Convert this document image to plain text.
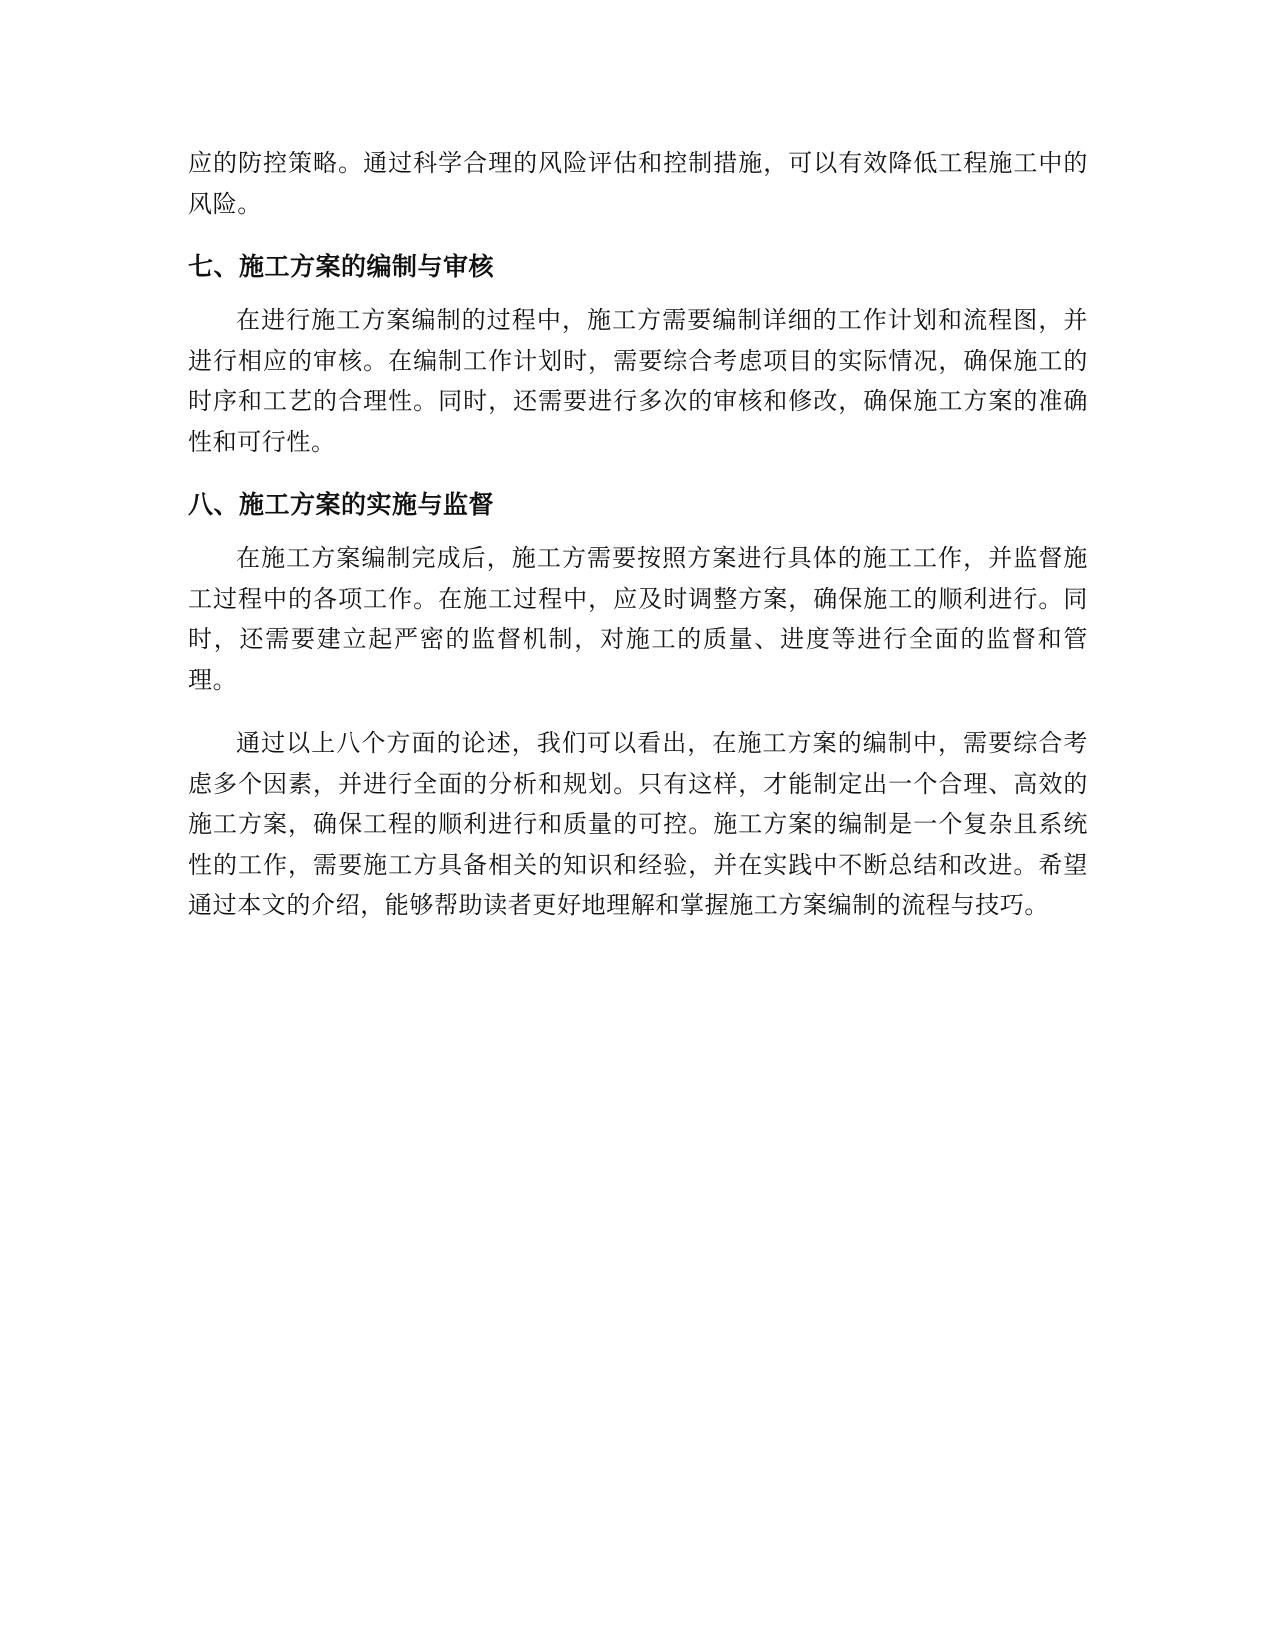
应的防控策略。通过科学合理的风险评估和控制措施，可以有效降低工程施工中的风险。

七、施工方案的编制与审核

在进行施工方案编制的过程中，施工方需要编制详细的工作计划和流程图，并进行相应的审核。在编制工作计划时，需要综合考虑项目的实际情况，确保施工的时序和工艺的合理性。同时，还需要进行多次的审核和修改，确保施工方案的准确性和可行性。

八、施工方案的实施与监督

在施工方案编制完成后，施工方需要按照方案进行具体的施工工作，并监督施工过程中的各项工作。在施工过程中，应及时调整方案，确保施工的顺利进行。同时，还需要建立起严密的监督机制，对施工的质量、进度等进行全面的监督和管理。

通过以上八个方面的论述，我们可以看出，在施工方案的编制中，需要综合考虑多个因素，并进行全面的分析和规划。只有这样，才能制定出一个合理、高效的施工方案，确保工程的顺利进行和质量的可控。施工方案的编制是一个复杂且系统性的工作，需要施工方具备相关的知识和经验，并在实践中不断总结和改进。希望通过本文的介绍，能够帮助读者更好地理解和掌握施工方案编制的流程与技巧。
